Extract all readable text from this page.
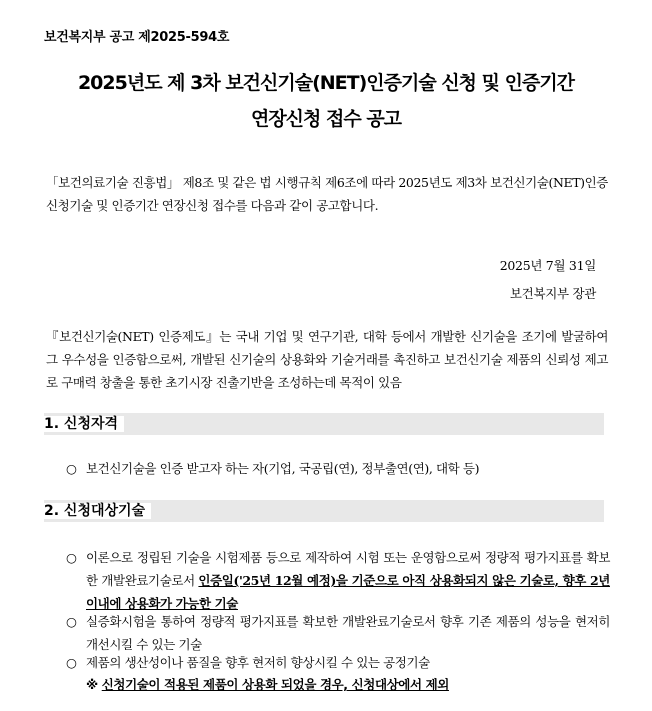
보건복지부 공고 제2025-594호
2025년도 제 3차 보건신기술(NET)인증기술 신청 및 인증기간
연장신청 접수 공고
「보건의료기술 진흥법」 제8조 및 같은 법 시행규칙 제6조에 따라 2025년도 제3차 보건신기술(NET)인증 신청기술 및 인증기간 연장신청 접수를 다음과 같이 공고합니다.
2025년 7월 31일
보건복지부 장관
『보건신기술(NET) 인증제도』는 국내 기업 및 연구기관, 대학 등에서 개발한 신기술을 조기에 발굴하여 그 우수성을 인증함으로써, 개발된 신기술의 상용화와 기술거래를 촉진하고 보건신기술 제품의 신뢰성 제고로 구매력 창출을 통한 초기시장 진출기반을 조성하는데 목적이 있음
1. 신청자격
○ 보건신기술을 인증 받고자 하는 자(기업, 국공립(연), 정부출연(연), 대학 등)
2. 신청대상기술
○ 이론으로 정립된 기술을 시험제품 등으로 제작하여 시험 또는 운영함으로써 정량적 평가지표를 확보한 개발완료기술로서 인증일('25년 12월 예정)을 기준으로 아직 상용화되지 않은 기술로, 향후 2년 이내에 상용화가 가능한 기술
○ 실증화시험을 통하여 정량적 평가지표를 확보한 개발완료기술로서 향후 기존 제품의 성능을 현저히 개선시킬 수 있는 기술
○ 제품의 생산성이나 품질을 향후 현저히 향상시킬 수 있는 공정기술
※ 신청기술이 적용된 제품이 상용화 되었을 경우, 신청대상에서 제외
